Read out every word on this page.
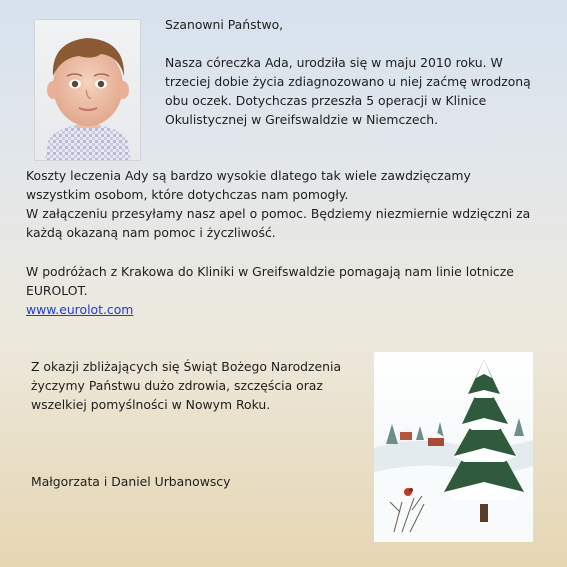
Szanowni Państwo,

Nasza córeczka Ada, urodziła się w maju 2010 roku. W

trzeciej dobie życia zdiagnozowano u niej zaćmę wrodzoną

obu oczek. Dotychczas przeszła 5 operacji w Klinice

Okulistycznej w Greifswaldzie w Niemczech.

Koszty leczenia Ady są bardzo wysokie dlatego tak wiele zawdzięczamy

wszystkim osobom, które dotychczas nam pomogły.

W załączeniu przesyłamy nasz apel o pomoc. Będziemy niezmiernie wdzięczni za

każdą okazaną nam pomoc i życzliwość.

W podróżach z Krakowa do Kliniki w Greifswaldzie pomagają nam linie lotnicze

EUROLOT.

www.eurolot.com

Z okazji zbliżających się Świąt Bożego Narodzenia

życzymy Państwu dużo zdrowia, szczęścia oraz

wszelkiej pomyślności w Nowym Roku.

Małgorzata i Daniel Urbanowscy
